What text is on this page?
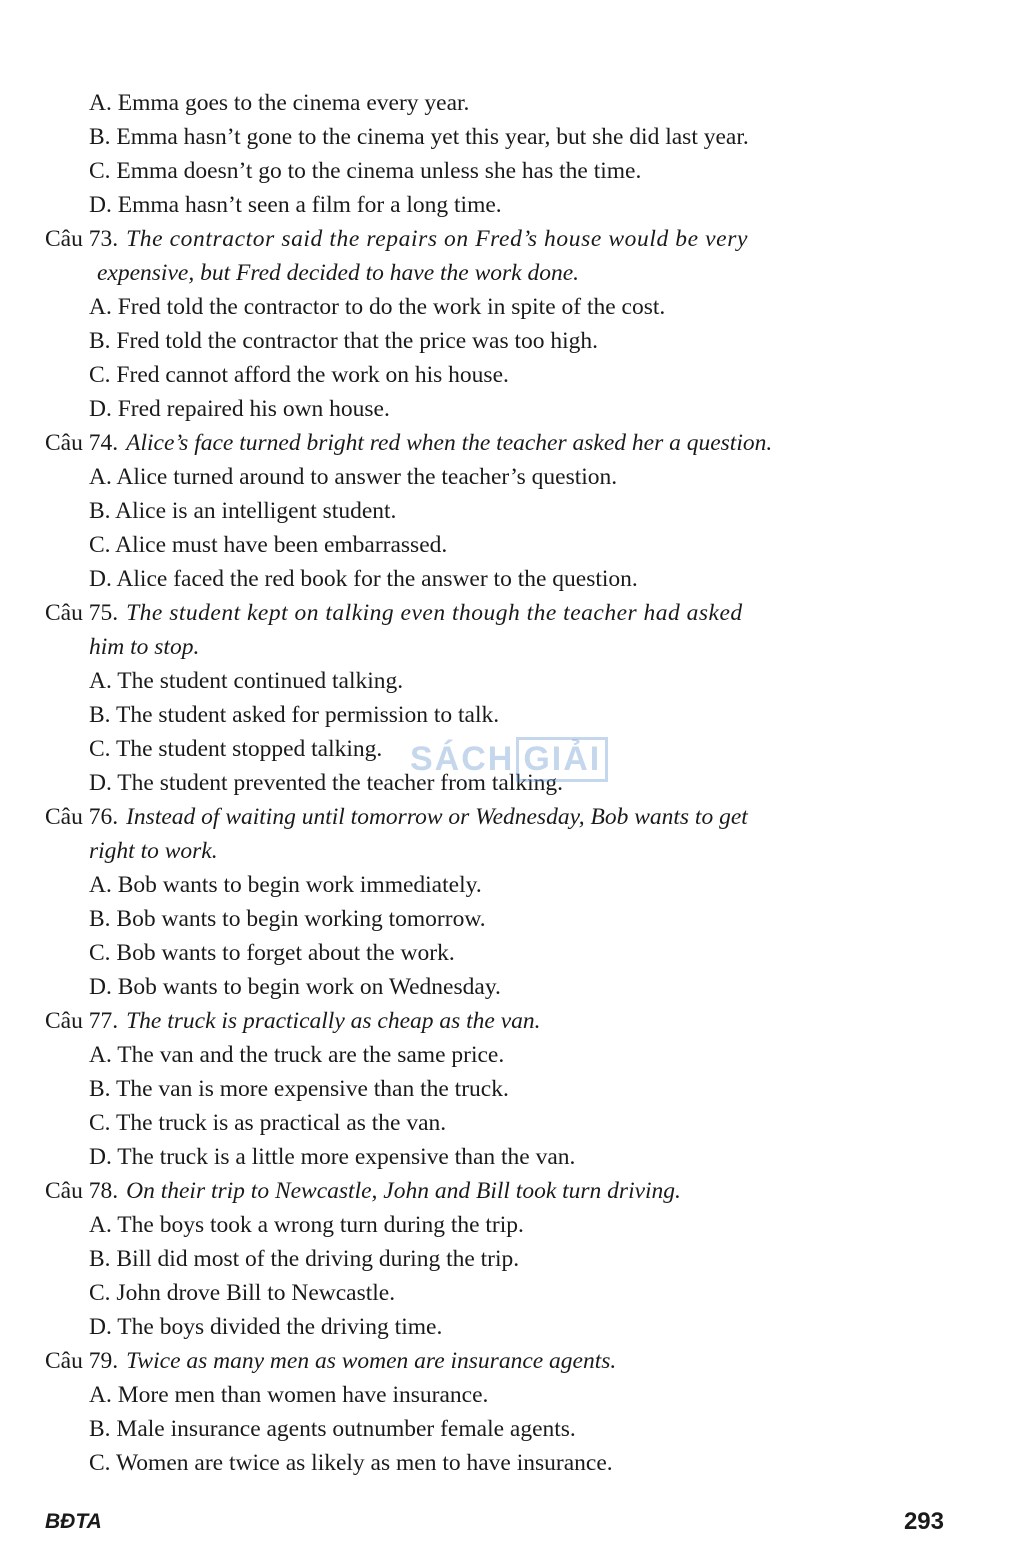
A. Emma goes to the cinema every year.
B. Emma hasn’t gone to the cinema yet this year, but she did last year.
C. Emma doesn’t go to the cinema unless she has the time.
D. Emma hasn’t seen a film for a long time.
Câu 73. The contractor said the repairs on Fred’s house would be very
expensive, but Fred decided to have the work done.
A. Fred told the contractor to do the work in spite of the cost.
B. Fred told the contractor that the price was too high.
C. Fred cannot afford the work on his house.
D. Fred repaired his own house.
Câu 74. Alice’s face turned bright red when the teacher asked her a question.
A. Alice turned around to answer the teacher’s question.
B. Alice is an intelligent student.
C. Alice must have been embarrassed.
D. Alice faced the red book for the answer to the question.
Câu 75. The student kept on talking even though the teacher had asked
him to stop.
A. The student continued talking.
B. The student asked for permission to talk.
C. The student stopped talking.
D. The student prevented the teacher from talking.
Câu 76. Instead of waiting until tomorrow or Wednesday, Bob wants to get
right to work.
A. Bob wants to begin work immediately.
B. Bob wants to begin working tomorrow.
C. Bob wants to forget about the work.
D. Bob wants to begin work on Wednesday.
Câu 77. The truck is practically as cheap as the van.
A. The van and the truck are the same price.
B. The van is more expensive than the truck.
C. The truck is as practical as the van.
D. The truck is a little more expensive than the van.
Câu 78. On their trip to Newcastle, John and Bill took turn driving.
A. The boys took a wrong turn during the trip.
B. Bill did most of the driving during the trip.
C. John drove Bill to Newcastle.
D. The boys divided the driving time.
Câu 79. Twice as many men as women are insurance agents.
A. More men than women have insurance.
B. Male insurance agents outnumber female agents.
C. Women are twice as likely as men to have insurance.
SÁCH GIẢI
BĐTA	293
